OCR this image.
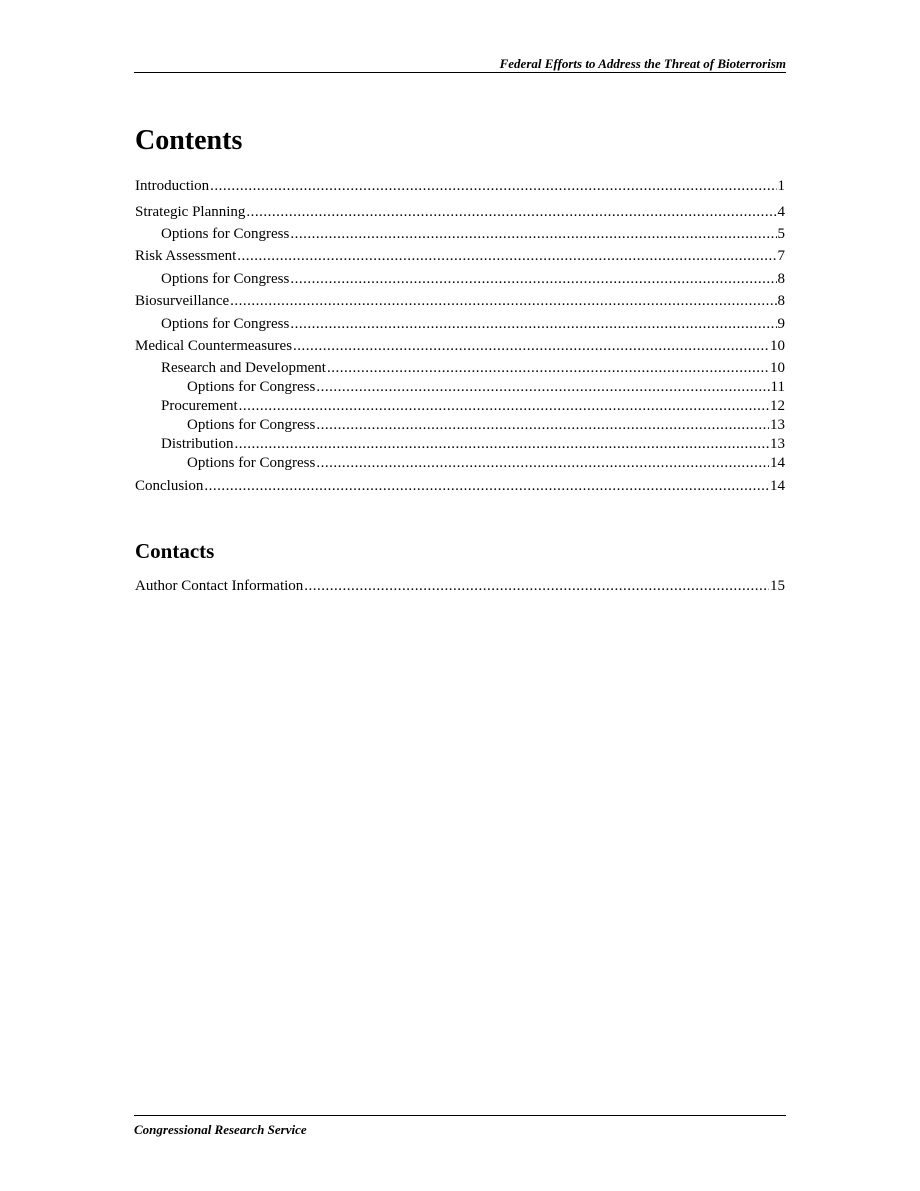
Federal Efforts to Address the Threat of Bioterrorism
Contents
Introduction .....	1
Strategic Planning .....	4
Options for Congress .....	5
Risk Assessment .....	7
Options for Congress .....	8
Biosurveillance .....	8
Options for Congress .....	9
Medical Countermeasures .....	10
Research and Development .....	10
Options for Congress .....	11
Procurement .....	12
Options for Congress .....	13
Distribution .....	13
Options for Congress .....	14
Conclusion .....	14
Contacts
Author Contact Information .....	15
Congressional Research Service
